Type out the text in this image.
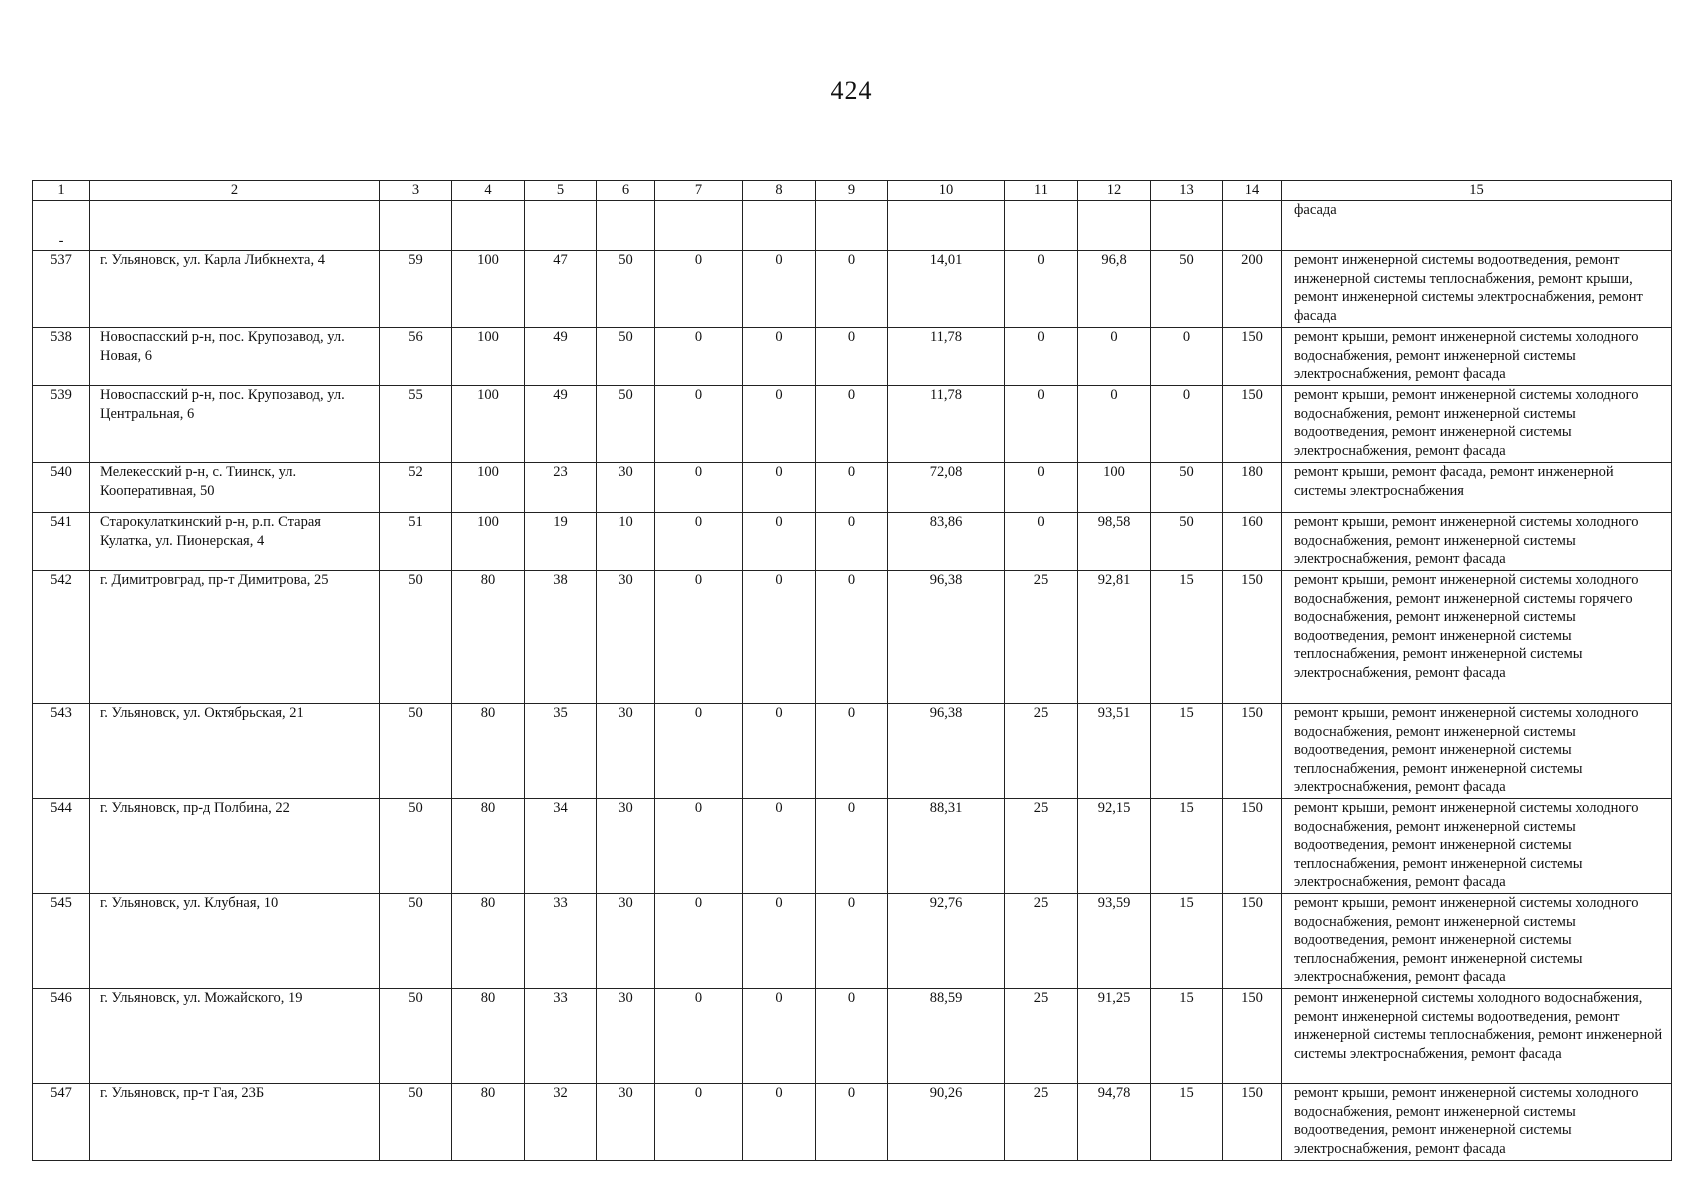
424
1	2	3	4	5	6	7	8	9	10	11	12	13	14	15
-														фасада
537	г. Ульяновск, ул. Карла Либкнехта, 4	59	100	47	50	0	0	0	14,01	0	96,8	50	200	ремонт инженерной системы водоотведения, ремонт инженерной системы теплоснабжения, ремонт крыши, ремонт инженерной системы электроснабжения, ремонт фасада
538	Новоспасский р-н, пос. Крупозавод, ул. Новая, 6	56	100	49	50	0	0	0	11,78	0	0	0	150	ремонт крыши, ремонт инженерной системы холодного водоснабжения, ремонт инженерной системы электроснабжения, ремонт фасада
539	Новоспасский р-н, пос. Крупозавод, ул. Центральная, 6	55	100	49	50	0	0	0	11,78	0	0	0	150	ремонт крыши, ремонт инженерной системы холодного водоснабжения, ремонт инженерной системы водоотведения, ремонт инженерной системы электроснабжения, ремонт фасада
540	Мелекесский р-н, с. Тиинск, ул. Кооперативная, 50	52	100	23	30	0	0	0	72,08	0	100	50	180	ремонт крыши, ремонт фасада, ремонт инженерной системы электроснабжения
541	Старокулаткинский р-н, р.п. Старая Кулатка, ул. Пионерская, 4	51	100	19	10	0	0	0	83,86	0	98,58	50	160	ремонт крыши, ремонт инженерной системы холодного водоснабжения, ремонт инженерной системы электроснабжения, ремонт фасада
542	г. Димитровград, пр-т Димитрова, 25	50	80	38	30	0	0	0	96,38	25	92,81	15	150	ремонт крыши, ремонт инженерной системы холодного водоснабжения, ремонт инженерной системы горячего водоснабжения, ремонт инженерной системы водоотведения, ремонт инженерной системы теплоснабжения, ремонт инженерной системы электроснабжения, ремонт фасада
543	г. Ульяновск, ул. Октябрьская, 21	50	80	35	30	0	0	0	96,38	25	93,51	15	150	ремонт крыши, ремонт инженерной системы холодного водоснабжения, ремонт инженерной системы водоотведения, ремонт инженерной системы теплоснабжения, ремонт инженерной системы электроснабжения, ремонт фасада
544	г. Ульяновск, пр-д Полбина, 22	50	80	34	30	0	0	0	88,31	25	92,15	15	150	ремонт крыши, ремонт инженерной системы холодного водоснабжения, ремонт инженерной системы водоотведения, ремонт инженерной системы теплоснабжения, ремонт инженерной системы электроснабжения, ремонт фасада
545	г. Ульяновск, ул. Клубная, 10	50	80	33	30	0	0	0	92,76	25	93,59	15	150	ремонт крыши, ремонт инженерной системы холодного водоснабжения, ремонт инженерной системы водоотведения, ремонт инженерной системы теплоснабжения, ремонт инженерной системы электроснабжения, ремонт фасада
546	г. Ульяновск, ул. Можайского, 19	50	80	33	30	0	0	0	88,59	25	91,25	15	150	ремонт инженерной системы холодного водоснабжения, ремонт инженерной системы водоотведения, ремонт инженерной системы теплоснабжения, ремонт инженерной системы электроснабжения, ремонт фасада
547	г. Ульяновск, пр-т Гая, 23Б	50	80	32	30	0	0	0	90,26	25	94,78	15	150	ремонт крыши, ремонт инженерной системы холодного водоснабжения, ремонт инженерной системы водоотведения, ремонт инженерной системы электроснабжения, ремонт фасада
